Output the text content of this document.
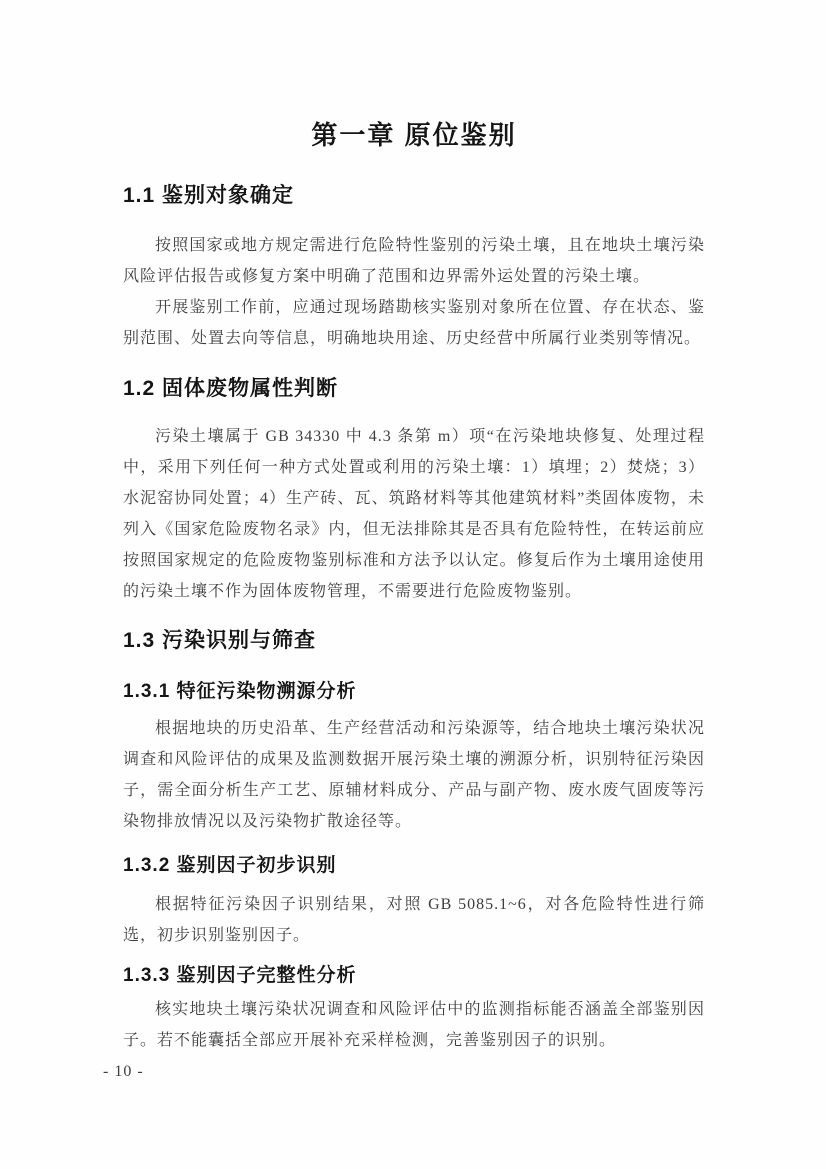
第一章 原位鉴别
1.1 鉴别对象确定

按照国家或地方规定需进行危险特性鉴别的污染土壤，且在地块土壤污染风险评估报告或修复方案中明确了范围和边界需外运处置的污染土壤。

开展鉴别工作前，应通过现场踏勘核实鉴别对象所在位置、存在状态、鉴别范围、处置去向等信息，明确地块用途、历史经营中所属行业类别等情况。

1.2 固体废物属性判断

污染土壤属于 GB 34330 中 4.3 条第 m）项“在污染地块修复、处理过程中，采用下列任何一种方式处置或利用的污染土壤：1）填埋；2）焚烧；3）水泥窑协同处置；4）生产砖、瓦、筑路材料等其他建筑材料”类固体废物，未列入《国家危险废物名录》内，但无法排除其是否具有危险特性，在转运前应按照国家规定的危险废物鉴别标准和方法予以认定。修复后作为土壤用途使用的污染土壤不作为固体废物管理，不需要进行危险废物鉴别。

1.3 污染识别与筛查
1.3.1 特征污染物溯源分析

根据地块的历史沿革、生产经营活动和污染源等，结合地块土壤污染状况调查和风险评估的成果及监测数据开展污染土壤的溯源分析，识别特征污染因子，需全面分析生产工艺、原辅材料成分、产品与副产物、废水废气固废等污染物排放情况以及污染物扩散途径等。

1.3.2 鉴别因子初步识别

根据特征污染因子识别结果，对照 GB 5085.1~6，对各危险特性进行筛选，初步识别鉴别因子。

1.3.3 鉴别因子完整性分析

核实地块土壤污染状况调查和风险评估中的监测指标能否涵盖全部鉴别因子。若不能囊括全部应开展补充采样检测，完善鉴别因子的识别。

- 10 -
